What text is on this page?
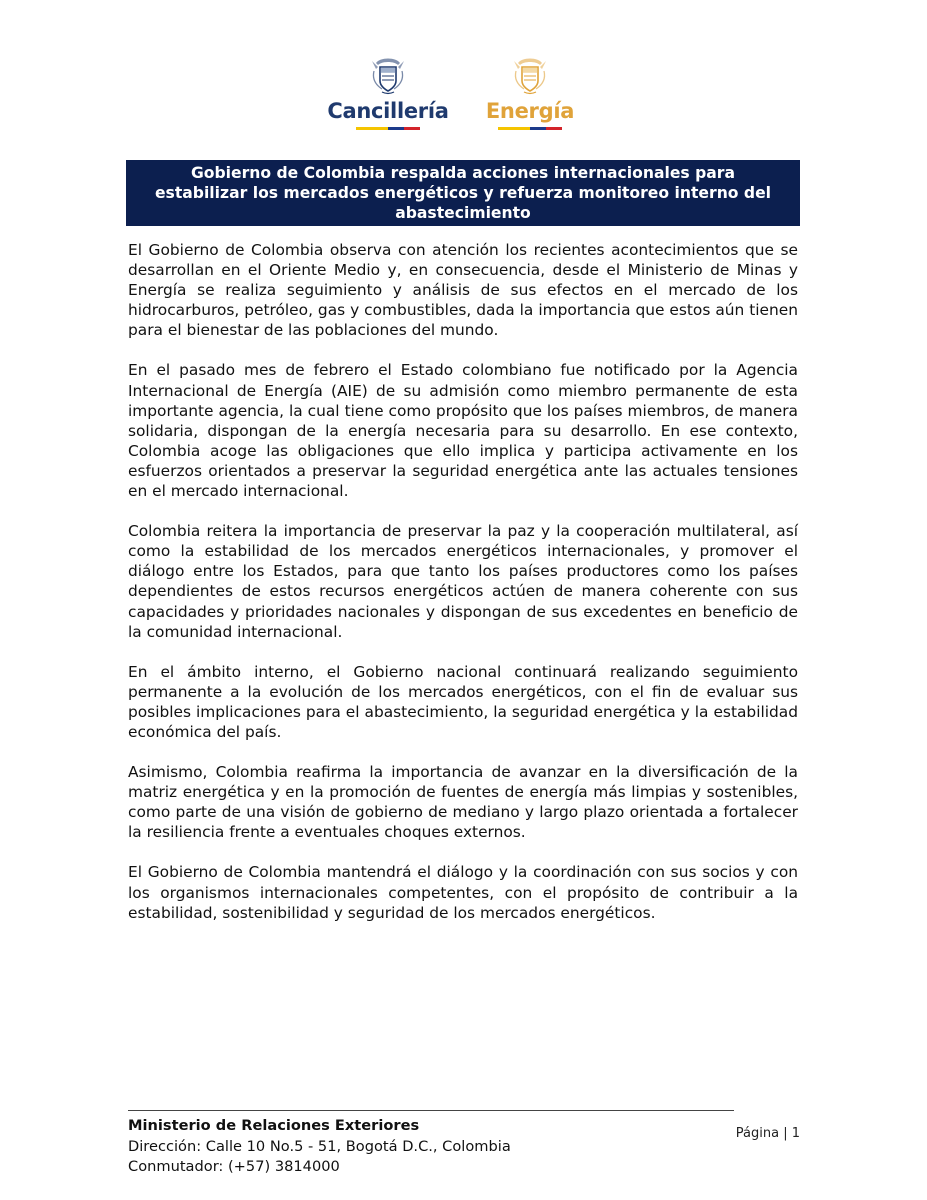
Cancillería	Energía
Gobierno de Colombia respalda acciones internacionales para
estabilizar los mercados energéticos y refuerza monitoreo interno del
abastecimiento

El Gobierno de Colombia observa con atención los recientes acontecimientos que se desarrollan en el Oriente Medio y, en consecuencia, desde el Ministerio de Minas y Energía se realiza seguimiento y análisis de sus efectos en el mercado de los hidrocarburos, petróleo, gas y combustibles, dada la importancia que estos aún tienen para el bienestar de las poblaciones del mundo.

En el pasado mes de febrero el Estado colombiano fue notificado por la Agencia Internacional de Energía (AIE) de su admisión como miembro permanente de esta importante agencia, la cual tiene como propósito que los países miembros, de manera solidaria, dispongan de la energía necesaria para su desarrollo. En ese contexto, Colombia acoge las obligaciones que ello implica y participa activamente en los esfuerzos orientados a preservar la seguridad energética ante las actuales tensiones en el mercado internacional.

Colombia reitera la importancia de preservar la paz y la cooperación multilateral, así como la estabilidad de los mercados energéticos internacionales, y promover el diálogo entre los Estados, para que tanto los países productores como los países dependientes de estos recursos energéticos actúen de manera coherente con sus capacidades y prioridades nacionales y dispongan de sus excedentes en beneficio de la comunidad internacional.

En el ámbito interno, el Gobierno nacional continuará realizando seguimiento permanente a la evolución de los mercados energéticos, con el fin de evaluar sus posibles implicaciones para el abastecimiento, la seguridad energética y la estabilidad económica del país.

Asimismo, Colombia reafirma la importancia de avanzar en la diversificación de la matriz energética y en la promoción de fuentes de energía más limpias y sostenibles, como parte de una visión de gobierno de mediano y largo plazo orientada a fortalecer la resiliencia frente a eventuales choques externos.

El Gobierno de Colombia mantendrá el diálogo y la coordinación con sus socios y con los organismos internacionales competentes, con el propósito de contribuir a la estabilidad, sostenibilidad y seguridad de los mercados energéticos.

Ministerio de Relaciones Exteriores
Dirección: Calle 10 No.5 - 51, Bogotá D.C., Colombia
Conmutador: (+57) 3814000
Página | 1
